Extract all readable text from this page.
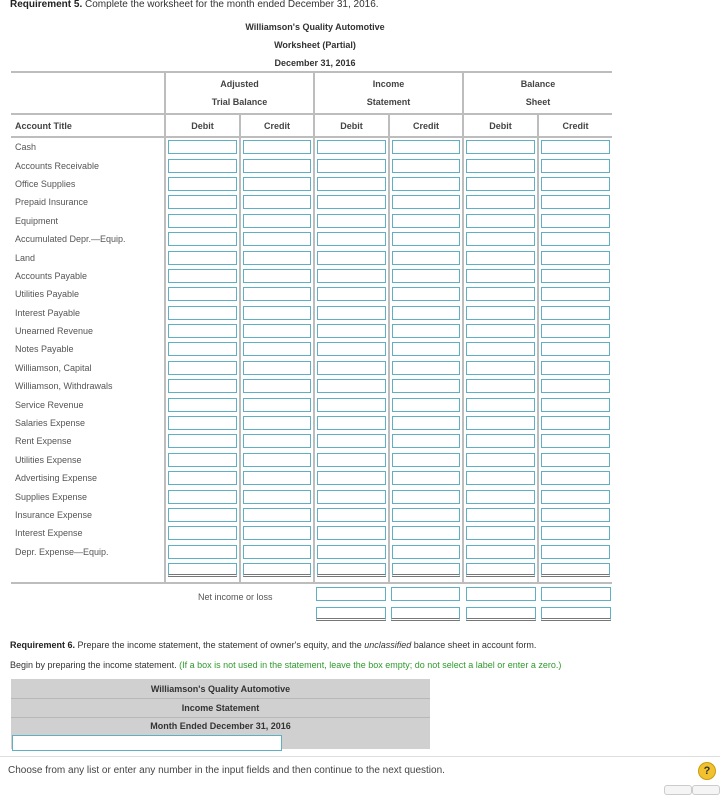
Requirement 5. Complete the worksheet for the month ended December 31, 2016.
Williamson's Quality Automotive
Worksheet (Partial)
December 31, 2016
	Adjusted
Trial Balance		Income
Statement		Balance
Sheet	
Account Title	Debit	Credit	Debit	Credit	Debit	Credit
Cash	

Accounts Receivable	

Office Supplies	

Prepaid Insurance	

Equipment	

Accumulated Depr.—Equip.	

Land	

Accounts Payable	

Utilities Payable	

Interest Payable	

Unearned Revenue	

Notes Payable	

Williamson, Capital	

Williamson, Withdrawals	

Service Revenue	

Salaries Expense	

Rent Expense	

Utilities Expense	

Advertising Expense	

Supplies Expense	

Insurance Expense	

Interest Expense	

Depr. Expense—Equip.	

Net income or loss
Requirement 6. Prepare the income statement, the statement of owner's equity, and the unclassified balance sheet in account form.
Begin by preparing the income statement. (If a box is not used in the statement, leave the box empty; do not select a label or enter a zero.)
Williamson's Quality Automotive
Income Statement
Month Ended December 31, 2016
Choose from any list or enter any number in the input fields and then continue to the next question.	?
